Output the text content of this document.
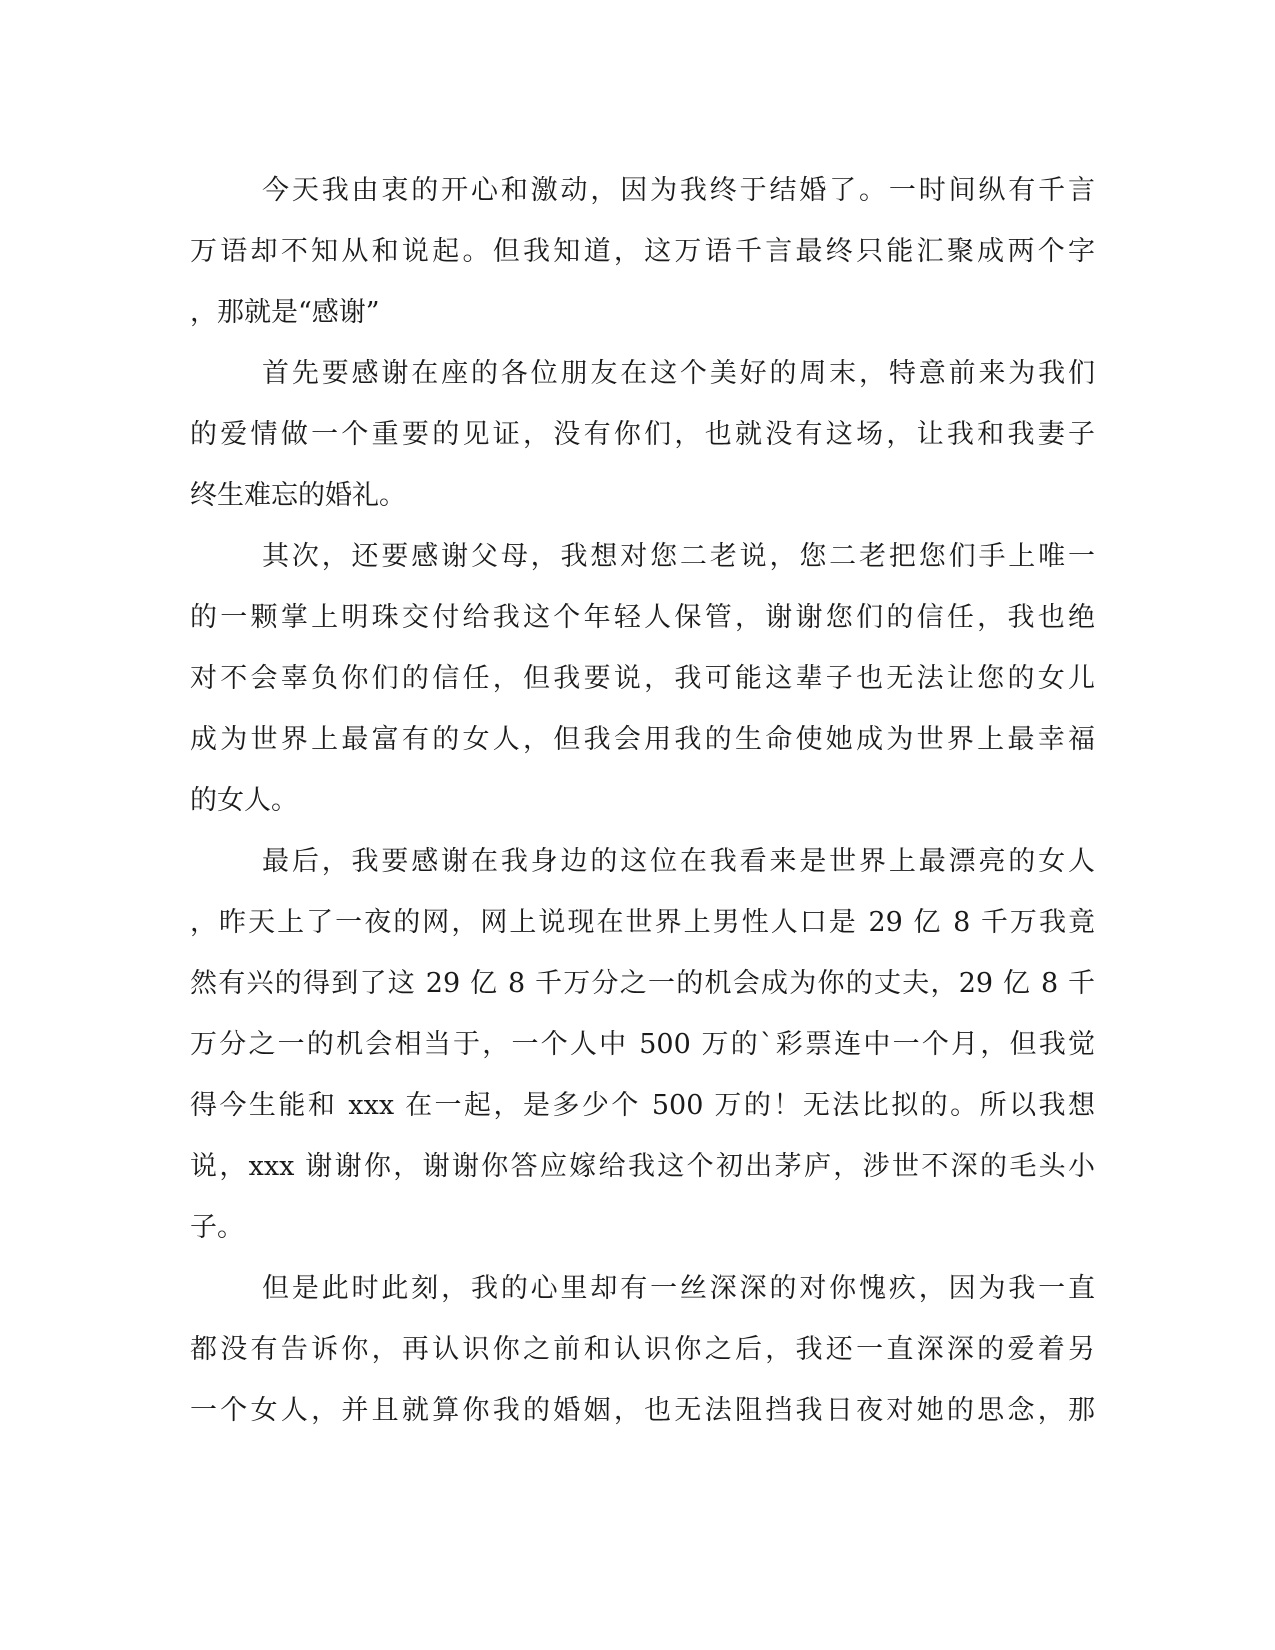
今天我由衷的开心和激动，因为我终于结婚了。一时间纵有千言
万语却不知从和说起。但我知道，这万语千言最终只能汇聚成两个字
，那就是“感谢”
首先要感谢在座的各位朋友在这个美好的周末，特意前来为我们
的爱情做一个重要的见证，没有你们，也就没有这场，让我和我妻子
终生难忘的婚礼。
其次，还要感谢父母，我想对您二老说，您二老把您们手上唯一
的一颗掌上明珠交付给我这个年轻人保管，谢谢您们的信任，我也绝
对不会辜负你们的信任，但我要说，我可能这辈子也无法让您的女儿
成为世界上最富有的女人，但我会用我的生命使她成为世界上最幸福
的女人。
最后，我要感谢在我身边的这位在我看来是世界上最漂亮的女人
，昨天上了一夜的网，网上说现在世界上男性人口是 29 亿 8 千万我竟
然有兴的得到了这 29 亿 8 千万分之一的机会成为你的丈夫，29 亿 8 千
万分之一的机会相当于，一个人中 500 万的`彩票连中一个月，但我觉
得今生能和 xxx 在一起，是多少个 500 万的！无法比拟的。所以我想
说，xxx 谢谢你，谢谢你答应嫁给我这个初出茅庐，涉世不深的毛头小
子。
但是此时此刻，我的心里却有一丝深深的对你愧疚，因为我一直
都没有告诉你，再认识你之前和认识你之后，我还一直深深的爱着另
一个女人，并且就算你我的婚姻，也无法阻挡我日夜对她的思念，那
